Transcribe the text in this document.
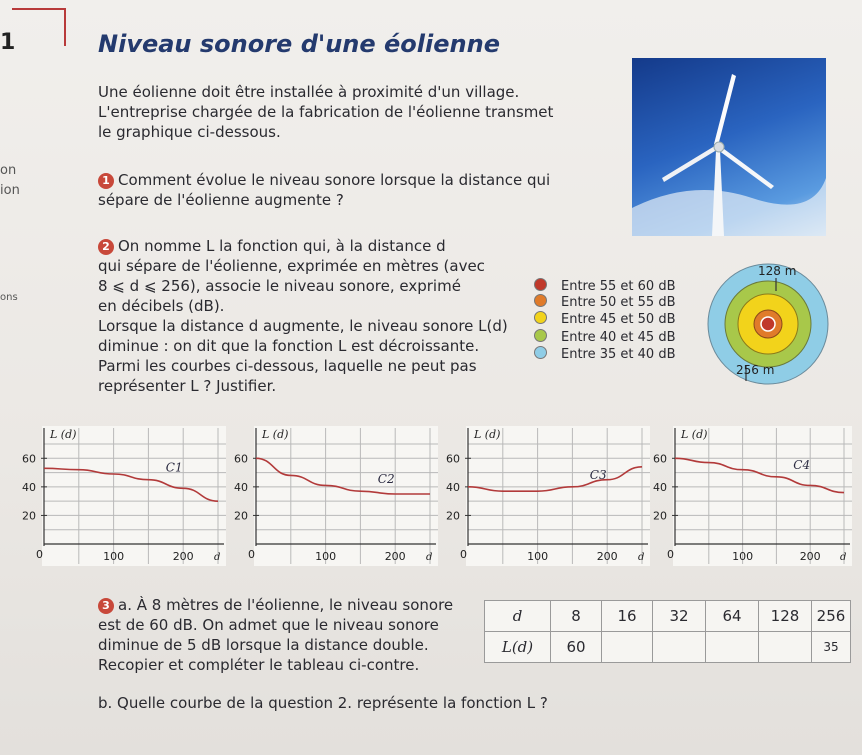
1	Niveau sonore d'une éolienne
on
ion
ons
Une éolienne doit être installée à proximité d'un village.
L'entreprise chargée de la fabrication de l'éolienne transmet
le graphique ci-dessous.
1 Comment évolue le niveau sonore lorsque la distance qui
sépare de l'éolienne augmente ?
2 On nomme L la fonction qui, à la distance d
qui sépare de l'éolienne, exprimée en mètres (avec
8 ⩽ d ⩽ 256), associe le niveau sonore, exprimé
en décibels (dB).
Lorsque la distance d augmente, le niveau sonore L(d)
diminue : on dit que la fonction L est décroissante.
Parmi les courbes ci-dessous, laquelle ne peut pas
représenter L ? Justifier.
Entre 55 et 60 dB
Entre 50 et 55 dB
Entre 45 et 50 dB
Entre 40 et 45 dB
Entre 35 et 40 dB
128 m
256 m
20
40
60
100	200
0	d
L (d)
C1
20
40
60
100	200
0	d
L (d)
C2
20
40
60
100	200
0	d
L (d)
C3
20
40
60
100	200
0	d
L (d)
C4
3 a. À 8 mètres de l'éolienne, le niveau sonore
est de 60 dB. On admet que le niveau sonore
diminue de 5 dB lorsque la distance double.
Recopier et compléter le tableau ci-contre.
b. Quelle courbe de la question 2. représente la fonction L ?
d	8	16	32	64	128	256
L(d)	60					35
